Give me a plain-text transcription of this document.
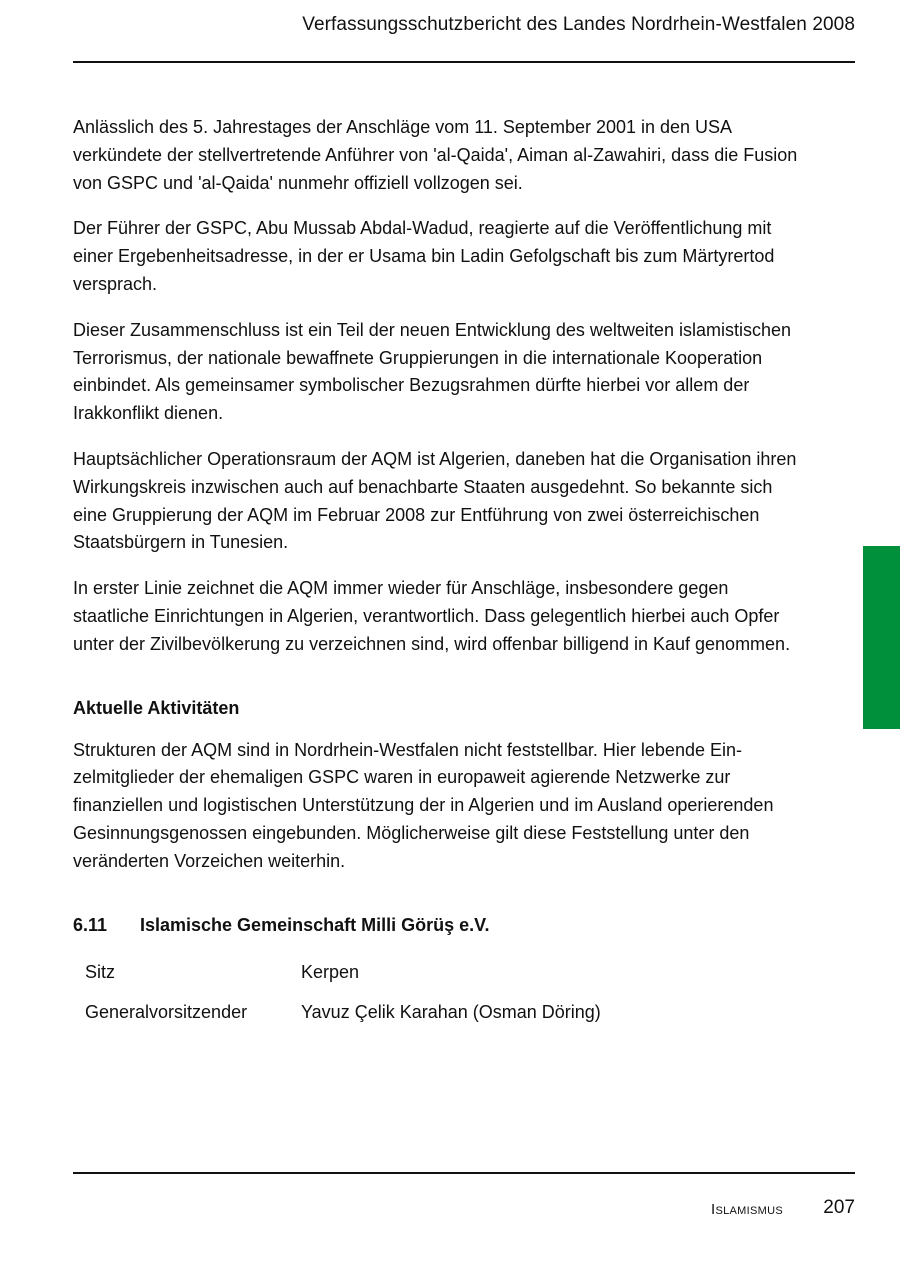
Verfassungsschutzbericht des Landes Nordrhein-Westfalen 2008

Anlässlich des 5. Jahrestages der Anschläge vom 11. September 2001 in den USA verkündete der stellvertretende Anführer von 'al-Qaida', Aiman al-Zawahiri, dass die Fusion von GSPC und 'al-Qaida' nunmehr offiziell vollzogen sei.

Der Führer der GSPC, Abu Mussab Abdal-Wadud, reagierte auf die Veröffentlichung mit einer Ergebenheitsadresse, in der er Usama bin Ladin Gefolgschaft bis zum Märtyrertod versprach.

Dieser Zusammenschluss ist ein Teil der neuen Entwicklung des weltweiten islamistischen Terrorismus, der nationale bewaffnete Gruppierungen in die internationale Kooperation einbindet. Als gemeinsamer symbolischer Bezugsrahmen dürfte hierbei vor allem der Irakkonflikt dienen.

Hauptsächlicher Operationsraum der AQM ist Algerien, daneben hat die Organisation ihren Wirkungskreis inzwischen auch auf benachbarte Staaten ausgedehnt. So bekannte sich eine Gruppierung der AQM im Februar 2008 zur Entführung von zwei österreichischen Staatsbürgern in Tunesien.

In erster Linie zeichnet die AQM immer wieder für Anschläge, insbesondere gegen staatliche Einrichtungen in Algerien, verantwortlich. Dass gelegentlich hierbei auch Opfer unter der Zivilbevölkerung zu verzeichnen sind, wird offenbar billigend in Kauf genommen.

Aktuelle Aktivitäten

Strukturen der AQM sind in Nordrhein-Westfalen nicht feststellbar. Hier lebende Einzelmitglieder der ehemaligen GSPC waren in europaweit agierende Netzwerke zur finanziellen und logistischen Unterstützung der in Algerien und im Ausland operierenden Gesinnungsgenossen eingebunden. Möglicherweise gilt diese Feststellung unter den veränderten Vorzeichen weiterhin.

6.11	Islamische Gemeinschaft Milli Görüş e.V.
Sitz	Kerpen
Generalvorsitzender	Yavuz Çelik Karahan (Osman Döring)
Islamismus 207
